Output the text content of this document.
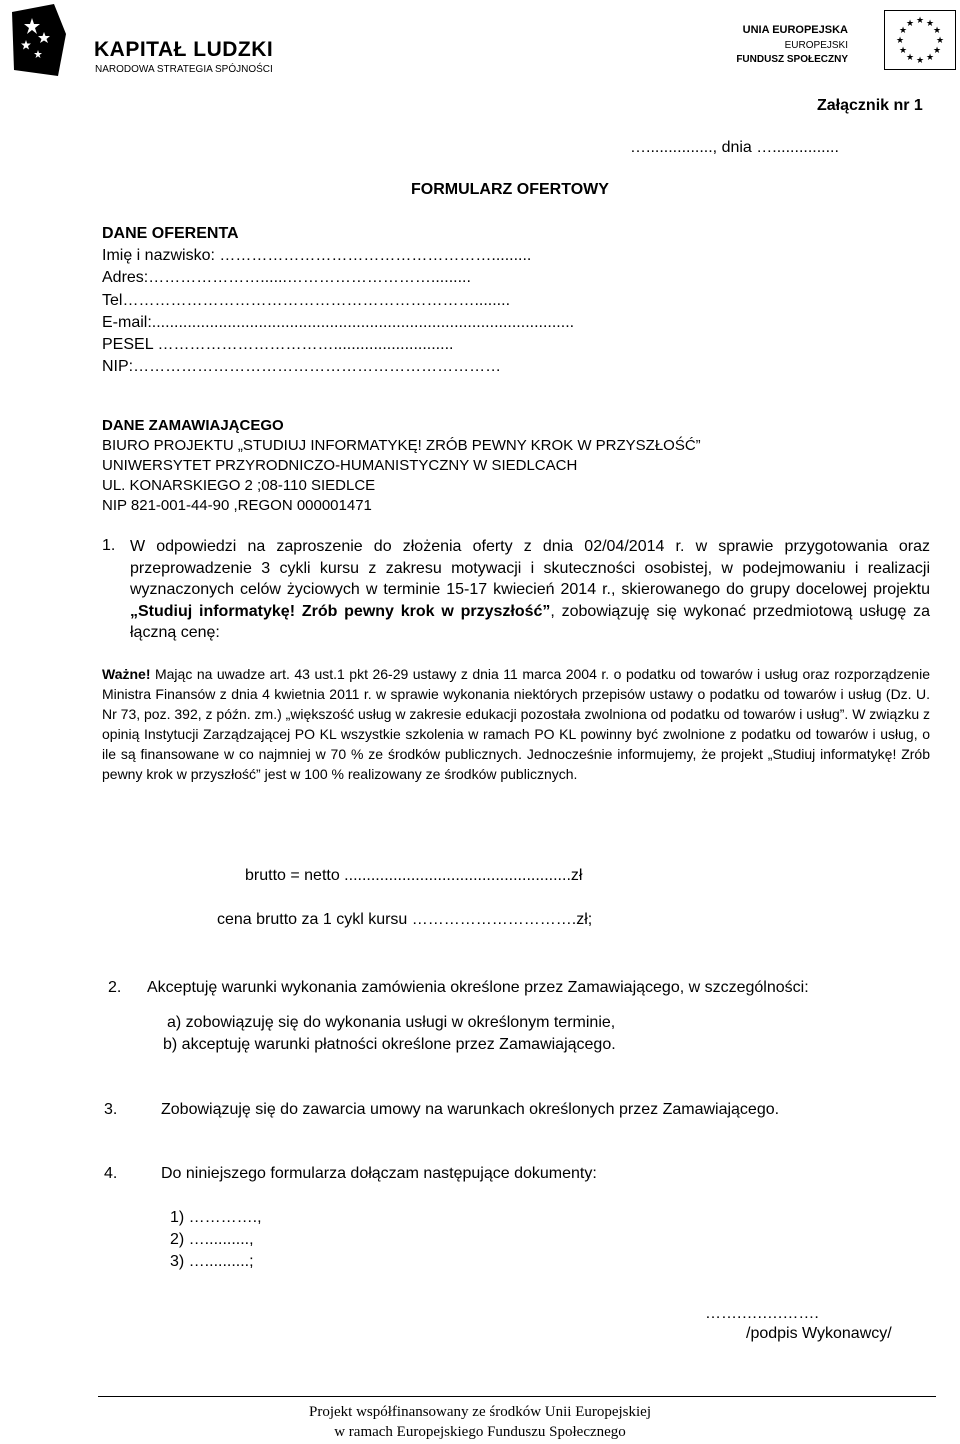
KAPITAŁ LUDZKI
NARODOWA STRATEGIA SPÓJNOŚCI
UNIA EUROPEJSKA
EUROPEJSKI
FUNDUSZ SPOŁECZNY
★ ★
★
★
★
★
★
★
★
★
★
★
Załącznik nr 1
…..............., dnia …...............
FORMULARZ OFERTOWY
DANE OFERENTA
Imię i nazwisko: …………………………………………….........
Adres:…………………......……………………….........
Tel…………………………………………………………........
E-mail:...............................................................................................
PESEL ……………………………...........................
NIP:……………………………………………………………
DANE ZAMAWIAJĄCEGO
BIURO PROJEKTU „STUDIUJ INFORMATYKĘ! ZRÓB PEWNY KROK W PRZYSZŁOŚĆ”
UNIWERSYTET PRZYRODNICZO-HUMANISTYCZNY W SIEDLCACH
UL. KONARSKIEGO 2 ;08-110 SIEDLCE
NIP 821-001-44-90 ,REGON 000001471
1. W odpowiedzi na zaproszenie do złożenia oferty z dnia 02/04/2014 r. w sprawie przygotowania oraz przeprowadzenie 3 cykli kursu z zakresu motywacji i skuteczności osobistej, w podejmowaniu i realizacji wyznaczonych celów życiowych w terminie 15-17 kwiecień 2014 r., skierowanego do grupy docelowej projektu „Studiuj informatykę! Zrób pewny krok w przyszłość”, zobowiązuję się wykonać przedmiotową usługę za łączną cenę:
Ważne! Mając na uwadze art. 43 ust.1 pkt 26-29 ustawy z dnia 11 marca 2004 r. o podatku od towarów i usług oraz rozporządzenie Ministra Finansów z dnia 4 kwietnia 2011 r. w sprawie wykonania niektórych przepisów ustawy o podatku od towarów i usług (Dz. U. Nr 73, poz. 392, z późn. zm.) „większość usług w zakresie edukacji pozostała zwolniona od podatku od towarów i usług”. W związku z opinią Instytucji Zarządzającej PO KL wszystkie szkolenia w ramach PO KL powinny być zwolnione z podatku od towarów i usług, o ile są finansowane w co najmniej w 70 % ze środków publicznych. Jednocześnie informujemy, że projekt „Studiuj informatykę! Zrób pewny krok w przyszłość” jest w 100 % realizowany ze środków publicznych.
brutto = netto ...................................................zł
cena brutto za 1 cykl kursu ………………………….zł;
2. Akceptuję warunki wykonania zamówienia określone przez Zamawiającego, w szczególności:
a) zobowiązuję się do wykonania usługi w określonym terminie,
b) akceptuję warunki płatności określone przez Zamawiającego.
3.	Zobowiązuję się do zawarcia umowy na warunkach określonych przez Zamawiającego.
4.	Do niniejszego formularza dołączam następujące dokumenty:
1) ………….,
2) …..........,
3) …..........;
…….….….…….
/podpis Wykonawcy/
Projekt współfinansowany ze środków Unii Europejskiej
w ramach Europejskiego Funduszu Społecznego
